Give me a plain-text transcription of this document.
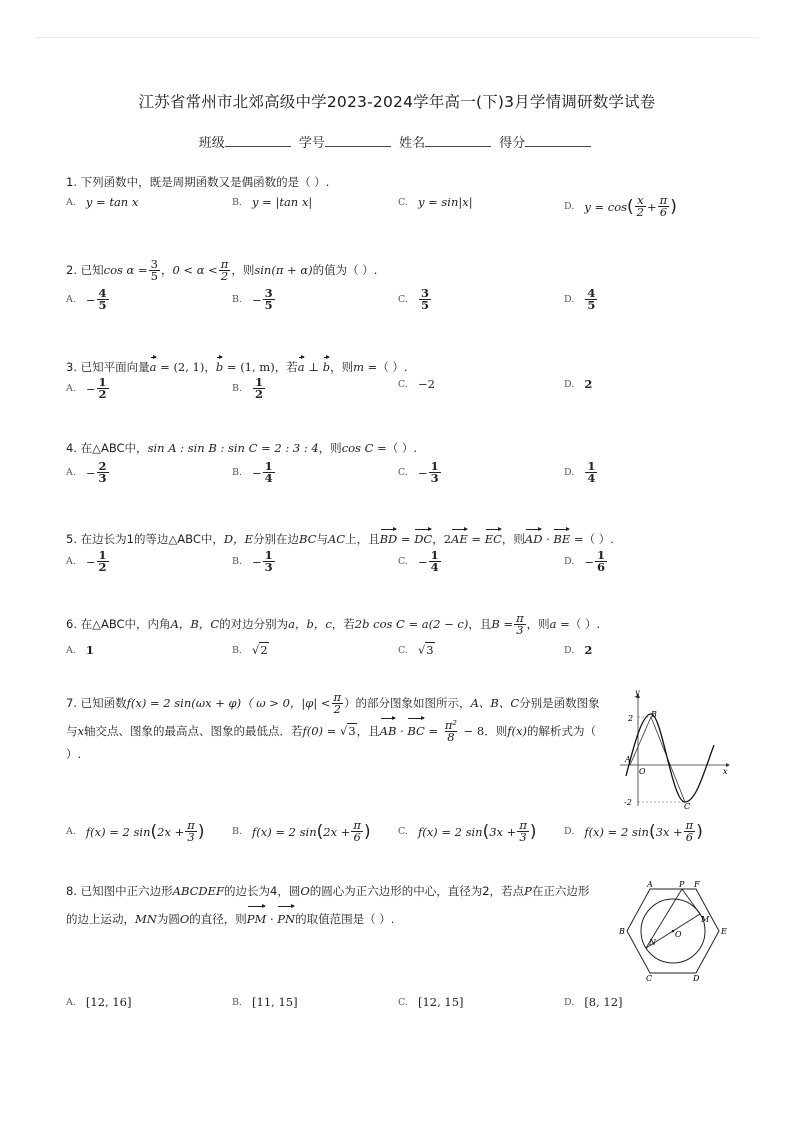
江苏省常州市北郊高级中学2023-2024学年高一(下)3月学情调研数学试卷
班级	学号	姓名	得分
1. 下列函数中，既是周期函数又是偶函数的是（ ）.
A. y = tan x	B. y = |tan x|	C. y = sin|x|	D. y = cos ( $\frac{x}{2} + \frac{\pi}{6}$ )
2. 已知$\cos \alpha = \frac{3}{5}$ ，$0 < \alpha < \frac{\pi}{2}$ ，则sin(π + α)的值为（ ）.
A. − $\frac{4}{5}$	B. − $\frac{3}{5}$	C. $\frac{3}{5}$	D. $\frac{4}{5}$
3. 已知平面向量a = (2, 1)，b = (1, m)，若a ⊥ b，则m =（ ）.
A. − $\frac{1}{2}$	B. $\frac{1}{2}$	C. −2	D. 2
4. 在△ABC中，sin A : sin B : sin C = 2 : 3 : 4，则cos C =（ ）.
A. − $\frac{2}{3}$	B. − $\frac{1}{4}$	C. − $\frac{1}{3}$	D. $\frac{1}{4}$
5. 在边长为1的等边△ABC中，D，E分别在边BC与AC上，且BD = DC，2AE = EC，则AD · BE =（ ）.
A. − $\frac{1}{2}$	B. − $\frac{1}{3}$	C. − $\frac{1}{4}$	D. − $\frac{1}{6}$
6. 在△ABC中，内角A，B，C的对边分别为a，b，c，若2b cos C = a(2 − c)，且$B = \frac{\pi}{3}$ ，则a =（ ）.
A. 1	B. √ 2	C. √ 3	D. 2
7. 已知函数f(x) = 2 sin(ωx + φ)（ ω > 0，$|\varphi| < \frac{\pi}{2}$ ）的部分图象如图所示，A、B、C分别是函数图象
与x轴交点、图象的最高点、图象的最低点．若f(0) = √3，且AB · BC = $\frac{\text{π²}}{8} - 8$．则f(x)的解析式为（
）.
y
x
2
-2
O
A
B
C
A. f(x) = 2 sin ( $2x + \frac{\pi}{3}$ )	B. f(x) = 2 sin ( $2x + \frac{\pi}{6}$ )	C. f(x) = 2 sin ( $3x + \frac{\pi}{3}$ )	D. f(x) = 2 sin ( $3x + \frac{\pi}{6}$ )
8. 已知图中正六边形ABCDEF的边长为4，圆O的圆心为正六边形的中心，直径为2，若点P在正六边形
的边上运动，MN为圆O的直径，则PM · PN的取值范围是（ ）.
A	P F
B	E
M
O
N
C	D
A. [12, 16]	B. [11, 15]	C. [12, 15]	D. [8, 12]
